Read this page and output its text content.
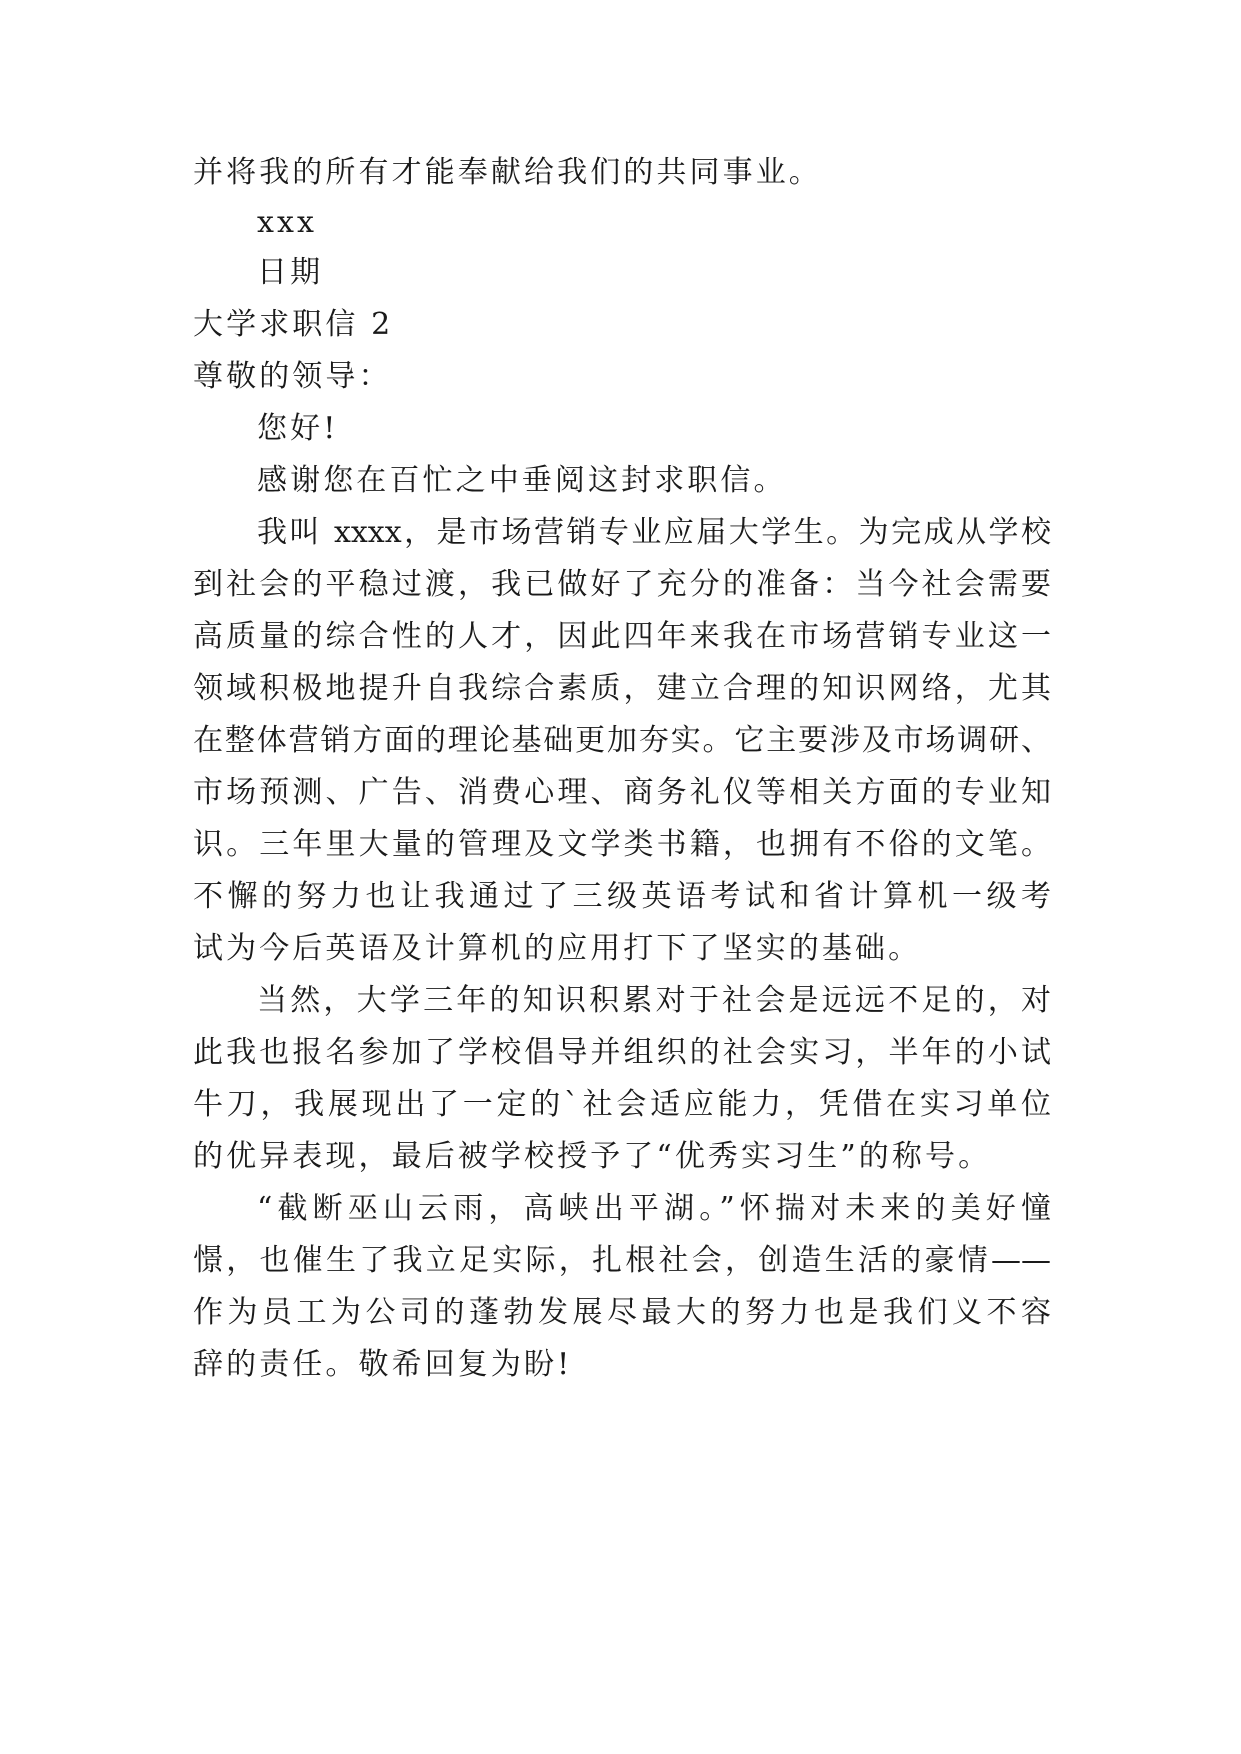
并将我的所有才能奉献给我们的共同事业。
xxx
日期
大学求职信 2
尊敬的领导：
您好!
感谢您在百忙之中垂阅这封求职信。
我叫 xxxx，是市场营销专业应届大学生。为完成从学校
到社会的平稳过渡，我已做好了充分的准备：当今社会需要
高质量的综合性的人才，因此四年来我在市场营销专业这一
领域积极地提升自我综合素质，建立合理的知识网络，尤其
在整体营销方面的理论基础更加夯实。它主要涉及市场调研、
市场预测、广告、消费心理、商务礼仪等相关方面的专业知
识。三年里大量的管理及文学类书籍，也拥有不俗的文笔。
不懈的努力也让我通过了三级英语考试和省计算机一级考
试为今后英语及计算机的应用打下了坚实的基础。
当然，大学三年的知识积累对于社会是远远不足的，对
此我也报名参加了学校倡导并组织的社会实习，半年的小试
牛刀，我展现出了一定的`社会适应能力，凭借在实习单位
的优异表现，最后被学校授予了“优秀实习生”的称号。
“截断巫山云雨，高峡出平湖。”怀揣对未来的美好憧
憬，也催生了我立足实际，扎根社会，创造生活的豪情——
作为员工为公司的蓬勃发展尽最大的努力也是我们义不容
辞的责任。敬希回复为盼!
